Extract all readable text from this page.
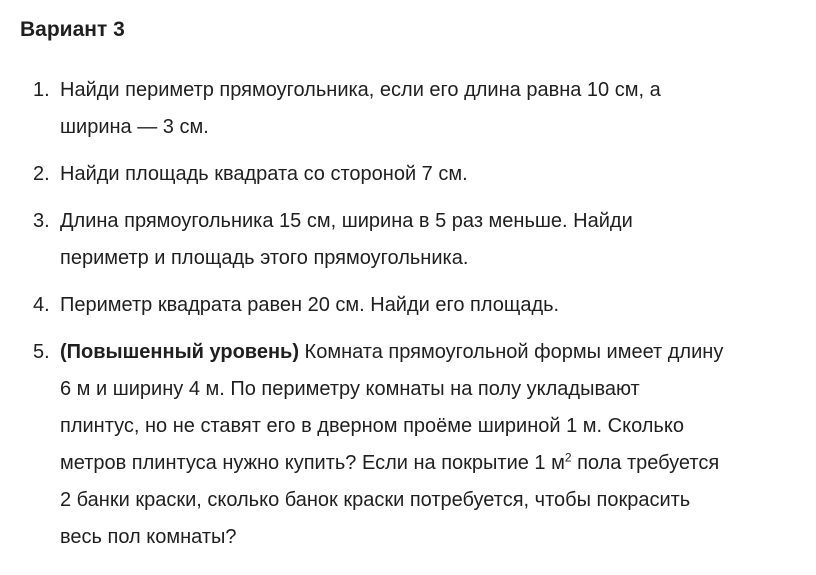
Вариант 3
1. Найди периметр прямоугольника, если его длина равна 10 см, а
ширина — 3 см.
2. Найди площадь квадрата со стороной 7 см.
3. Длина прямоугольника 15 см, ширина в 5 раз меньше. Найди
периметр и площадь этого прямоугольника.
4. Периметр квадрата равен 20 см. Найди его площадь.
5. (Повышенный уровень) Комната прямоугольной формы имеет длину
6 м и ширину 4 м. По периметру комнаты на полу укладывают
плинтус, но не ставят его в дверном проёме шириной 1 м. Сколько
метров плинтуса нужно купить? Если на покрытие 1 $м^2$ пола требуется
2 банки краски, сколько банок краски потребуется, чтобы покрасить
весь пол комнаты?
